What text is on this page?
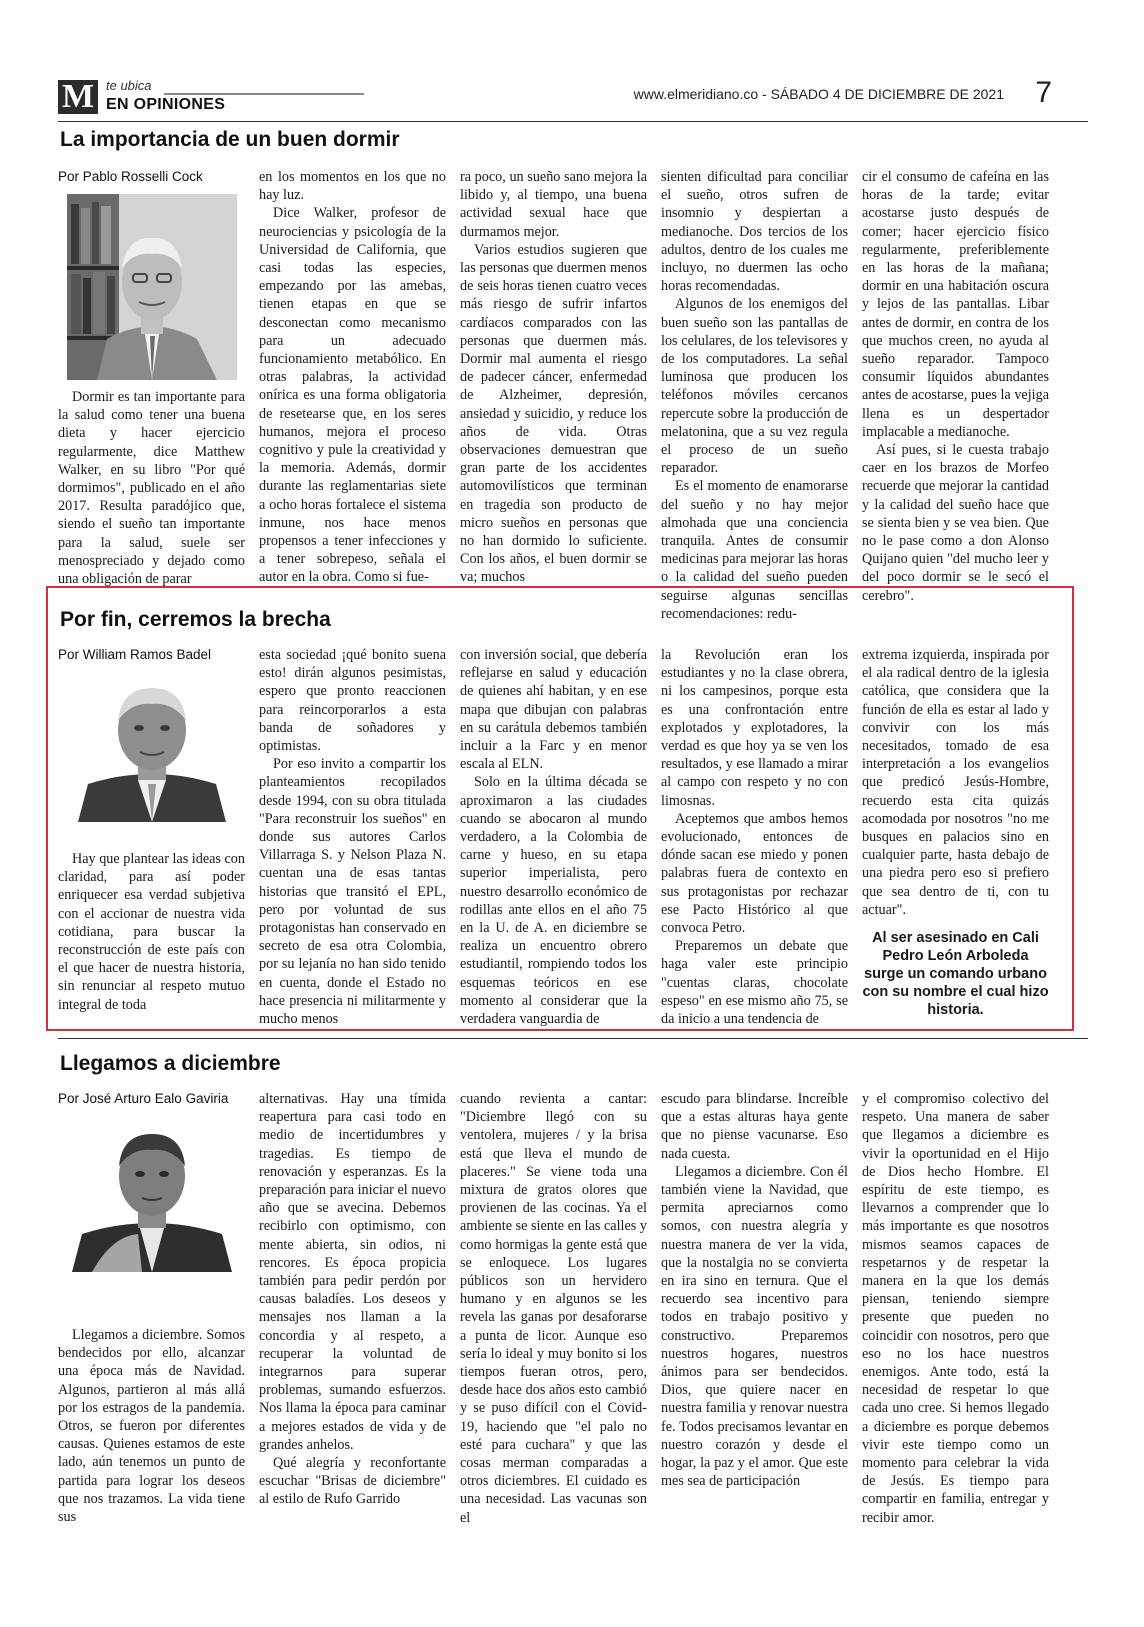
M te ubica
EN OPINIONES
www.elmeridiano.co - SÁBADO 4 DE DICIEMBRE DE 2021 7
La importancia de un buen dormir
Por Pablo Rosselli Cock

Dormir es tan importante para la salud como tener una buena dieta y hacer ejercicio regularmente, dice Matthew Walker, en su libro "Por qué dormimos", publicado en el año 2017. Resulta paradójico que, siendo el sueño tan importante para la salud, suele ser menospreciado y dejado como una obligación de parar

en los momentos en los que no hay luz.

Dice Walker, profesor de neurociencias y psicología de la Universidad de California, que casi todas las especies, empezando por las amebas, tienen etapas en que se desconectan como mecanismo para un adecuado funcionamiento metabólico. En otras palabras, la actividad onírica es una forma obligatoria de resetearse que, en los seres humanos, mejora el proceso cognitivo y pule la creatividad y la memoria. Además, dormir durante las reglamentarias siete a ocho horas fortalece el sistema inmune, nos hace menos propensos a tener infecciones y a tener sobrepeso, señala el autor en la obra. Como si fue-

ra poco, un sueño sano mejora la libido y, al tiempo, una buena actividad sexual hace que durmamos mejor.

Varios estudios sugieren que las personas que duermen menos de seis horas tienen cuatro veces más riesgo de sufrir infartos cardíacos comparados con las personas que duermen más. Dormir mal aumenta el riesgo de padecer cáncer, enfermedad de Alzheimer, depresión, ansiedad y suicidio, y reduce los años de vida. Otras observaciones demuestran que gran parte de los accidentes automovilísticos que terminan en tragedia son producto de micro sueños en personas que no han dormido lo suficiente. Con los años, el buen dormir se va; muchos

sienten dificultad para conciliar el sueño, otros sufren de insomnio y despiertan a medianoche. Dos tercios de los adultos, dentro de los cuales me incluyo, no duermen las ocho horas recomendadas.

Algunos de los enemigos del buen sueño son las pantallas de los celulares, de los televisores y de los computadores. La señal luminosa que producen los teléfonos móviles cercanos repercute sobre la producción de melatonina, que a su vez regula el proceso de un sueño reparador.

Es el momento de enamorarse del sueño y no hay mejor almohada que una conciencia tranquila. Antes de consumir medicinas para mejorar las horas o la calidad del sueño pueden seguirse algunas sencillas recomendaciones: redu-

cir el consumo de cafeína en las horas de la tarde; evitar acostarse justo después de comer; hacer ejercicio físico regularmente, preferiblemente en las horas de la mañana; dormir en una habitación oscura y lejos de las pantallas. Libar antes de dormir, en contra de los que muchos creen, no ayuda al sueño reparador. Tampoco consumir líquidos abundantes antes de acostarse, pues la vejiga llena es un despertador implacable a medianoche.

Así pues, si le cuesta trabajo caer en los brazos de Morfeo recuerde que mejorar la cantidad y la calidad del sueño hace que se sienta bien y se vea bien. Que no le pase como a don Alonso Quijano quien "del mucho leer y del poco dormir se le secó el cerebro".

Por fin, cerremos la brecha
Por William Ramos Badel

Hay que plantear las ideas con claridad, para así poder enriquecer esa verdad subjetiva con el accionar de nuestra vida cotidiana, para buscar la reconstrucción de este país con el que hacer de nuestra historia, sin renunciar al respeto mutuo integral de toda

esta sociedad ¡qué bonito suena esto! dirán algunos pesimistas, espero que pronto reaccionen para reincorporarlos a esta banda de soñadores y optimistas.

Por eso invito a compartir los planteamientos recopilados desde 1994, con su obra titulada "Para reconstruir los sueños" en donde sus autores Carlos Villarraga S. y Nelson Plaza N. cuentan una de esas tantas historias que transitó el EPL, pero por voluntad de sus protagonistas han conservado en secreto de esa otra Colombia, por su lejanía no han sido tenido en cuenta, donde el Estado no hace presencia ni militarmente y mucho menos

con inversión social, que debería reflejarse en salud y educación de quienes ahí habitan, y en ese mapa que dibujan con palabras en su carátula debemos también incluir a la Farc y en menor escala al ELN.

Solo en la última década se aproximaron a las ciudades cuando se abocaron al mundo verdadero, a la Colombia de carne y hueso, en su etapa superior imperialista, pero nuestro desarrollo económico de rodillas ante ellos en el año 75 en la U. de A. en diciembre se realiza un encuentro obrero estudiantil, rompiendo todos los esquemas teóricos en ese momento al considerar que la verdadera vanguardia de

la Revolución eran los estudiantes y no la clase obrera, ni los campesinos, porque esta es una confrontación entre explotados y explotadores, la verdad es que hoy ya se ven los resultados, y ese llamado a mirar al campo con respeto y no con limosnas.

Aceptemos que ambos hemos evolucionado, entonces de dónde sacan ese miedo y ponen palabras fuera de contexto en sus protagonistas por rechazar ese Pacto Histórico al que convoca Petro.

Preparemos un debate que haga valer este principio "cuentas claras, chocolate espeso" en ese mismo año 75, se da inicio a una tendencia de

extrema izquierda, inspirada por el ala radical dentro de la iglesia católica, que considera que la función de ella es estar al lado y convivir con los más necesitados, tomado de esa interpretación a los evangelios que predicó Jesús-Hombre, recuerdo esta cita quizás acomodada por nosotros "no me busques en palacios sino en cualquier parte, hasta debajo de una piedra pero eso si prefiero que sea dentro de ti, con tu actuar".

Al ser asesinado en Cali Pedro León Arboleda surge un comando urbano con su nombre el cual hizo historia.
Llegamos a diciembre
Por José Arturo Ealo Gaviria

Llegamos a diciembre. Somos bendecidos por ello, alcanzar una época más de Navidad. Algunos, partieron al más allá por los estragos de la pandemia. Otros, se fueron por diferentes causas. Quienes estamos de este lado, aún tenemos un punto de partida para lograr los deseos que nos trazamos. La vida tiene sus

alternativas. Hay una tímida reapertura para casi todo en medio de incertidumbres y tragedias. Es tiempo de renovación y esperanzas. Es la preparación para iniciar el nuevo año que se avecina. Debemos recibirlo con optimismo, con mente abierta, sin odios, ni rencores. Es época propicia también para pedir perdón por causas baladíes. Los deseos y mensajes nos llaman a la concordia y al respeto, a recuperar la voluntad de integrarnos para superar problemas, sumando esfuerzos. Nos llama la época para caminar a mejores estados de vida y de grandes anhelos.

Qué alegría y reconfortante escuchar "Brisas de diciembre" al estilo de Rufo Garrido

cuando revienta a cantar: "Diciembre llegó con su ventolera, mujeres / y la brisa está que lleva el mundo de placeres." Se viene toda una mixtura de gratos olores que provienen de las cocinas. Ya el ambiente se siente en las calles y como hormigas la gente está que se enloquece. Los lugares públicos son un hervidero humano y en algunos se les revela las ganas por desaforarse a punta de licor. Aunque eso sería lo ideal y muy bonito si los tiempos fueran otros, pero, desde hace dos años esto cambió y se puso difícil con el Covid-19, haciendo que "el palo no esté para cuchara" y que las cosas merman comparadas a otros diciembres. El cuidado es una necesidad. Las vacunas son el

escudo para blindarse. Increíble que a estas alturas haya gente que no piense vacunarse. Eso nada cuesta.

Llegamos a diciembre. Con él también viene la Navidad, que permita apreciarnos como somos, con nuestra alegría y nuestra manera de ver la vida, que la nostalgia no se convierta en ira sino en ternura. Que el recuerdo sea incentivo para todos en trabajo positivo y constructivo. Preparemos nuestros hogares, nuestros ánimos para ser bendecidos. Dios, que quiere nacer en nuestra familia y renovar nuestra fe. Todos precisamos levantar en nuestro corazón y desde el hogar, la paz y el amor. Que este mes sea de participación

y el compromiso colectivo del respeto. Una manera de saber que llegamos a diciembre es vivir la oportunidad en el Hijo de Dios hecho Hombre. El espíritu de este tiempo, es llevarnos a comprender que lo más importante es que nosotros mismos seamos capaces de respetarnos y de respetar la manera en la que los demás piensan, teniendo siempre presente que pueden no coincidir con nosotros, pero que eso no los hace nuestros enemigos. Ante todo, está la necesidad de respetar lo que cada uno cree. Si hemos llegado a diciembre es porque debemos vivir este tiempo como un momento para celebrar la vida de Jesús. Es tiempo para compartir en familia, entregar y recibir amor.
